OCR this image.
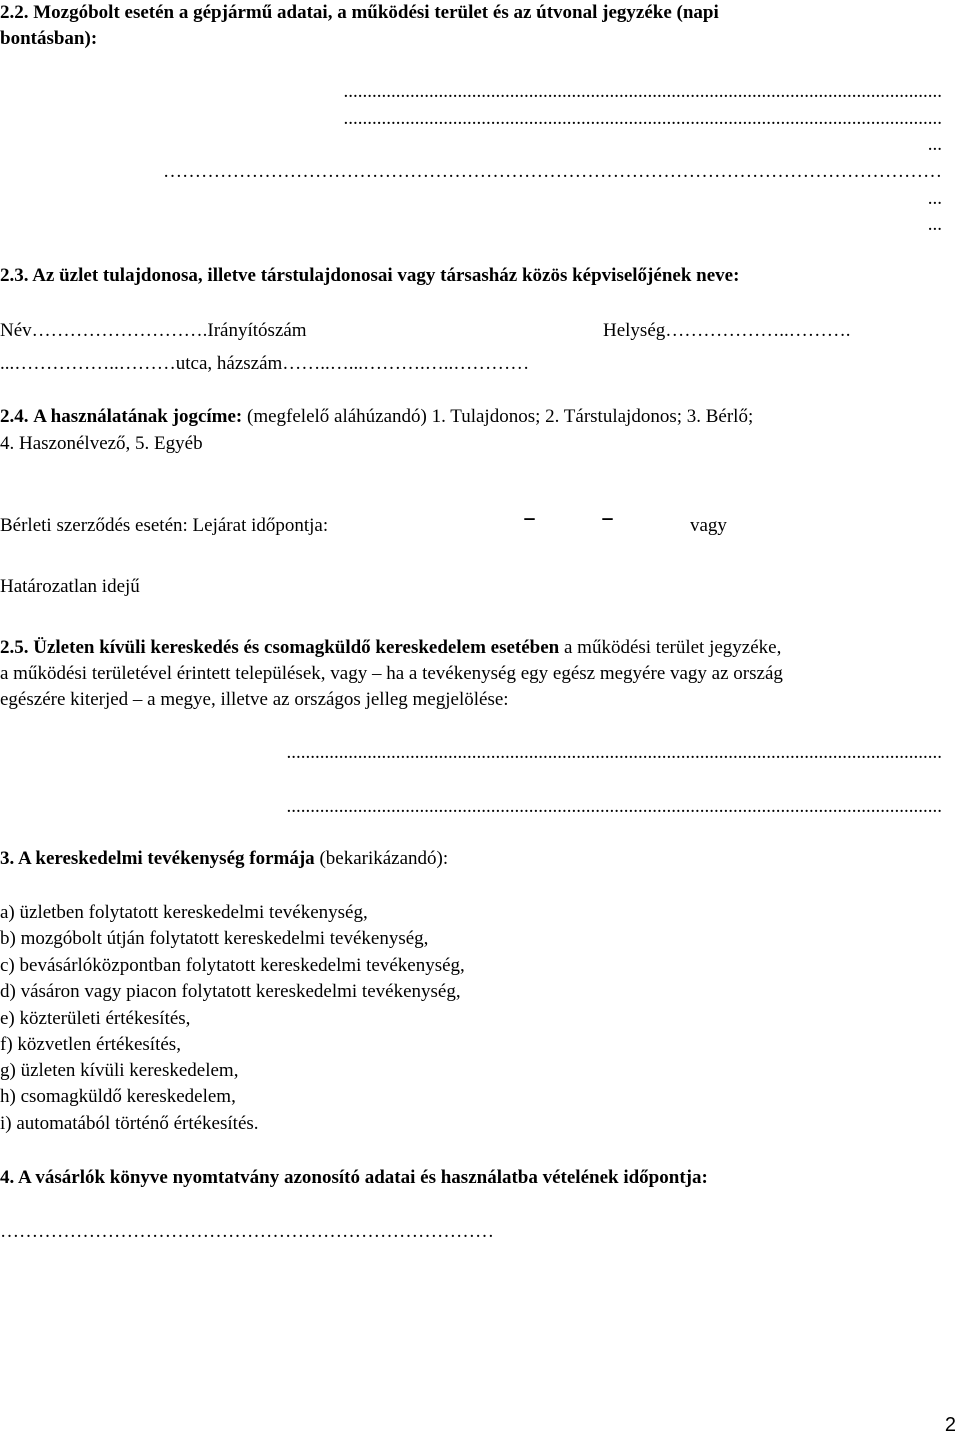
2.2. Mozgóbolt esetén a gépjármű adatai, a működési terület és az útvonal jegyzéke (napi
bontásban):
..............................................................................................................................
..............................................................................................................................
...
……………………………………………………………………………………………………………
...
...
2.3. Az üzlet tulajdonosa, illetve társtulajdonosai vagy társasház közös képviselőjének neve:
Név……………………….Irányítószám	Helység………………..……….
...……………..………utca, házszám……..…...……….…..…………
2.4. A használatának jogcíme: (megfelelő aláhúzandó) 1. Tulajdonos; 2. Társtulajdonos; 3. Bérlő;
4. Haszonélvező, 5. Egyéb
Bérleti szerződés esetén: Lejárat időpontja:	–	–	vagy
Határozatlan idejű
2.5. Üzleten kívüli kereskedés és csomagküldő kereskedelem esetében a működési terület jegyzéke,
a működési területével érintett települések, vagy – ha a tevékenység egy egész megyére vagy az ország
egészére kiterjed – a megye, illetve az országos jelleg megjelölése:
..........................................................................................................................................
..........................................................................................................................................
3. A kereskedelmi tevékenység formája (bekarikázandó):
a) üzletben folytatott kereskedelmi tevékenység,
b) mozgóbolt útján folytatott kereskedelmi tevékenység,
c) bevásárlóközpontban folytatott kereskedelmi tevékenység,
d) vásáron vagy piacon folytatott kereskedelmi tevékenység,
e) közterületi értékesítés,
f) közvetlen értékesítés,
g) üzleten kívüli kereskedelem,
h) csomagküldő kereskedelem,
i) automatából történő értékesítés.
4. A vásárlók könyve nyomtatvány azonosító adatai és használatba vételének időpontja:
……………………………………………………………………
2
